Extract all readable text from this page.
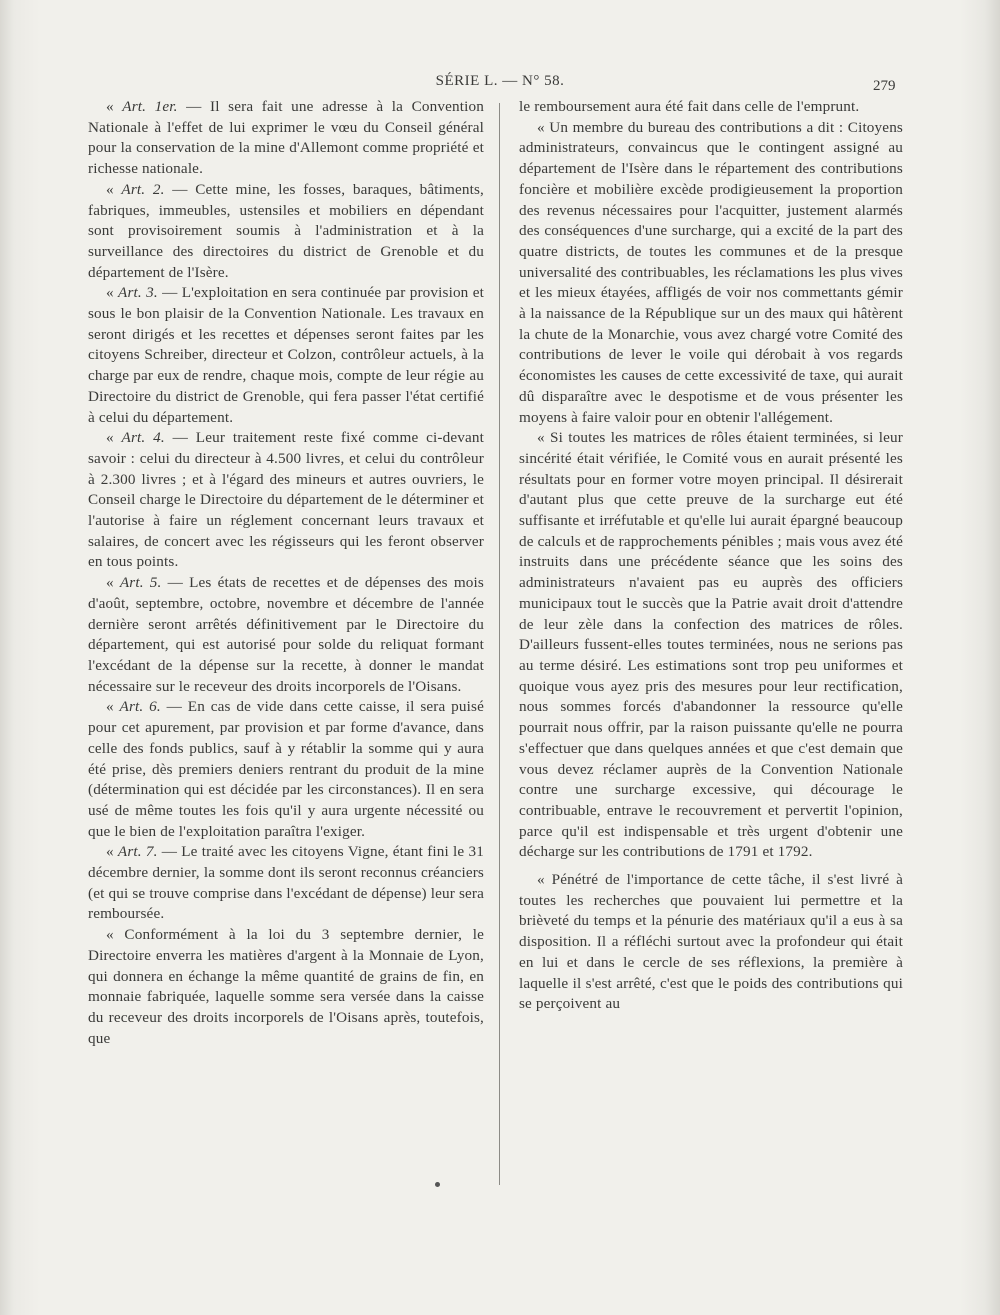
SÉRIE L. — N° 58.	279

« Art. 1er. — Il sera fait une adresse à la Convention Nationale à l'effet de lui exprimer le vœu du Conseil général pour la conservation de la mine d'Allemont comme propriété et richesse nationale.

« Art. 2. — Cette mine, les fosses, baraques, bâtiments, fabriques, immeubles, ustensiles et mobiliers en dépendant sont provisoirement soumis à l'administration et à la surveillance des directoires du district de Grenoble et du département de l'Isère.

« Art. 3. — L'exploitation en sera continuée par provision et sous le bon plaisir de la Convention Nationale. Les travaux en seront dirigés et les recettes et dépenses seront faites par les citoyens Schreiber, directeur et Colzon, contrôleur actuels, à la charge par eux de rendre, chaque mois, compte de leur régie au Directoire du district de Grenoble, qui fera passer l'état certifié à celui du département.

« Art. 4. — Leur traitement reste fixé comme ci-devant savoir : celui du directeur à 4.500 livres, et celui du contrôleur à 2.300 livres ; et à l'égard des mineurs et autres ouvriers, le Conseil charge le Directoire du département de le déterminer et l'autorise à faire un réglement concernant leurs travaux et salaires, de concert avec les régisseurs qui les feront observer en tous points.

« Art. 5. — Les états de recettes et de dépenses des mois d'août, septembre, octobre, novembre et décembre de l'année dernière seront arrêtés définitivement par le Directoire du département, qui est autorisé pour solde du reliquat formant l'excédant de la dépense sur la recette, à donner le mandat nécessaire sur le receveur des droits incorporels de l'Oisans.

« Art. 6. — En cas de vide dans cette caisse, il sera puisé pour cet apurement, par provision et par forme d'avance, dans celle des fonds publics, sauf à y rétablir la somme qui y aura été prise, dès premiers deniers rentrant du produit de la mine (détermination qui est décidée par les circonstances). Il en sera usé de même toutes les fois qu'il y aura urgente nécessité ou que le bien de l'exploitation paraîtra l'exiger.

« Art. 7. — Le traité avec les citoyens Vigne, étant fini le 31 décembre dernier, la somme dont ils seront reconnus créanciers (et qui se trouve comprise dans l'excédant de dépense) leur sera remboursée.

« Conformément à la loi du 3 septembre dernier, le Directoire enverra les matières d'argent à la Monnaie de Lyon, qui donnera en échange la même quantité de grains de fin, en monnaie fabriquée, laquelle somme sera versée dans la caisse du receveur des droits incorporels de l'Oisans après, toutefois, que

le remboursement aura été fait dans celle de l'emprunt.

« Un membre du bureau des contributions a dit : Citoyens administrateurs, convaincus que le contingent assigné au département de l'Isère dans le répartement des contributions foncière et mobilière excède prodigieusement la proportion des revenus nécessaires pour l'acquitter, justement alarmés des conséquences d'une surcharge, qui a excité de la part des quatre districts, de toutes les communes et de la presque universalité des contribuables, les réclamations les plus vives et les mieux étayées, affligés de voir nos commettants gémir à la naissance de la République sur un des maux qui hâtèrent la chute de la Monarchie, vous avez chargé votre Comité des contributions de lever le voile qui dérobait à vos regards économistes les causes de cette excessivité de taxe, qui aurait dû disparaître avec le despotisme et de vous présenter les moyens à faire valoir pour en obtenir l'allégement.

« Si toutes les matrices de rôles étaient terminées, si leur sincérité était vérifiée, le Comité vous en aurait présenté les résultats pour en former votre moyen principal. Il désirerait d'autant plus que cette preuve de la surcharge eut été suffisante et irréfutable et qu'elle lui aurait épargné beaucoup de calculs et de rapprochements pénibles ; mais vous avez été instruits dans une précédente séance que les soins des administrateurs n'avaient pas eu auprès des officiers municipaux tout le succès que la Patrie avait droit d'attendre de leur zèle dans la confection des matrices de rôles. D'ailleurs fussent-elles toutes terminées, nous ne serions pas au terme désiré. Les estimations sont trop peu uniformes et quoique vous ayez pris des mesures pour leur rectification, nous sommes forcés d'abandonner la ressource qu'elle pourrait nous offrir, par la raison puissante qu'elle ne pourra s'effectuer que dans quelques années et que c'est demain que vous devez réclamer auprès de la Convention Nationale contre une surcharge excessive, qui décourage le contribuable, entrave le recouvrement et pervertit l'opinion, parce qu'il est indispensable et très urgent d'obtenir une décharge sur les contributions de 1791 et 1792.

« Pénétré de l'importance de cette tâche, il s'est livré à toutes les recherches que pouvaient lui permettre et la brièveté du temps et la pénurie des matériaux qu'il a eus à sa disposition. Il a réfléchi surtout avec la profondeur qui était en lui et dans le cercle de ses réflexions, la première à laquelle il s'est arrêté, c'est que le poids des contributions qui se perçoivent au
